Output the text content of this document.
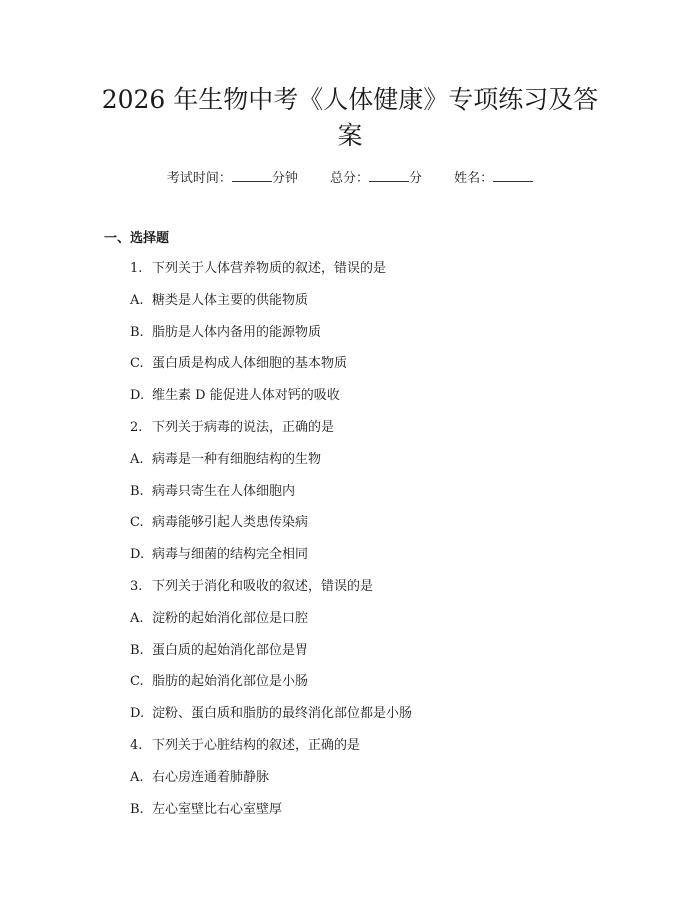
2026 年生物中考《人体健康》专项练习及答案
考试时间：	分钟 总分：	分 姓名：
一、选择题
1. 下列关于人体营养物质的叙述，错误的是
A. 糖类是人体主要的供能物质
B. 脂肪是人体内备用的能源物质
C. 蛋白质是构成人体细胞的基本物质
D. 维生素 D 能促进人体对钙的吸收
2. 下列关于病毒的说法，正确的是
A. 病毒是一种有细胞结构的生物
B. 病毒只寄生在人体细胞内
C. 病毒能够引起人类患传染病
D. 病毒与细菌的结构完全相同
3. 下列关于消化和吸收的叙述，错误的是
A. 淀粉的起始消化部位是口腔
B. 蛋白质的起始消化部位是胃
C. 脂肪的起始消化部位是小肠
D. 淀粉、蛋白质和脂肪的最终消化部位都是小肠
4. 下列关于心脏结构的叙述，正确的是
A. 右心房连通着肺静脉
B. 左心室壁比右心室壁厚
